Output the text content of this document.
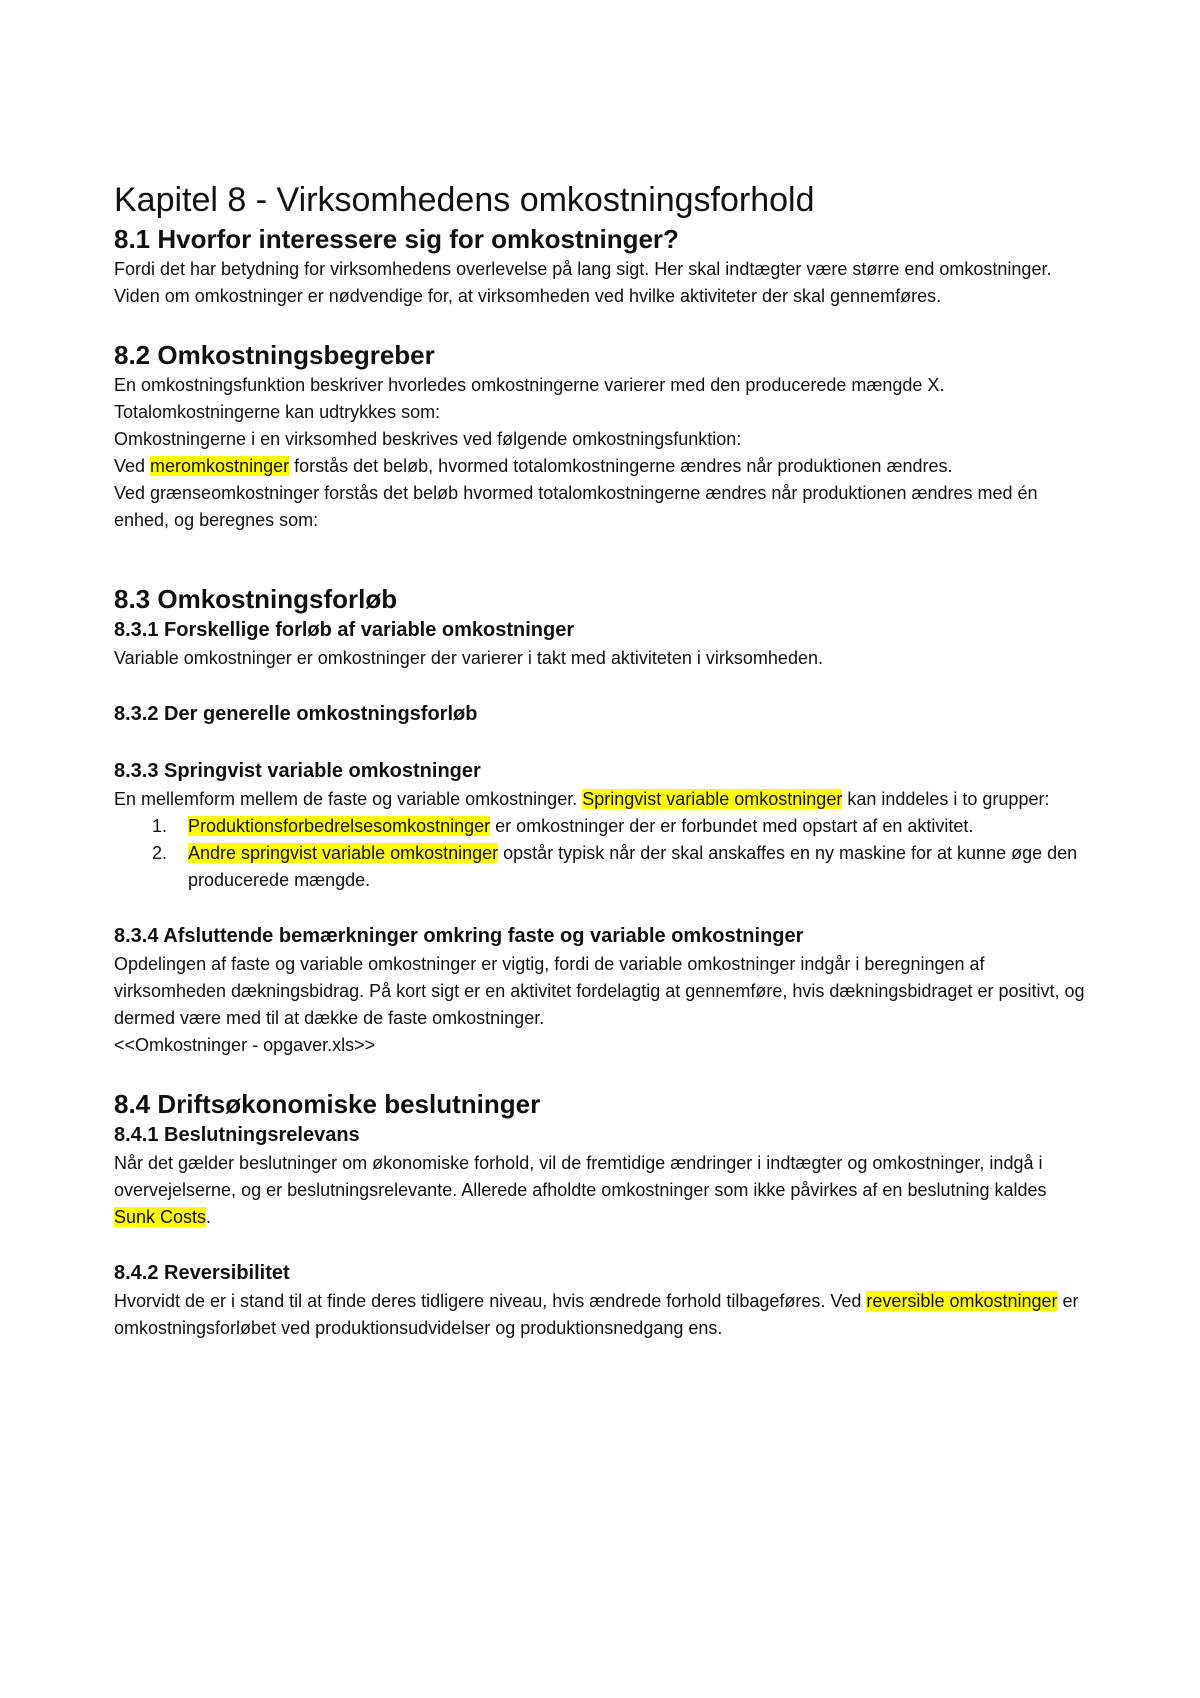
Kapitel 8 - Virksomhedens omkostningsforhold
8.1 Hvorfor interessere sig for omkostninger?

Fordi det har betydning for virksomhedens overlevelse på lang sigt. Her skal indtægter være større end omkostninger. Viden om omkostninger er nødvendige for, at virksomheden ved hvilke aktiviteter der skal gennemføres.

8.2 Omkostningsbegreber

En omkostningsfunktion beskriver hvorledes omkostningerne varierer med den producerede mængde X.

Totalomkostningerne kan udtrykkes som:

Omkostningerne i en virksomhed beskrives ved følgende omkostningsfunktion:

Ved meromkostninger forstås det beløb, hvormed totalomkostningerne ændres når produktionen ændres.

Ved grænseomkostninger forstås det beløb hvormed totalomkostningerne ændres når produktionen ændres med én enhed, og beregnes som:

8.3 Omkostningsforløb
8.3.1 Forskellige forløb af variable omkostninger

Variable omkostninger er omkostninger der varierer i takt med aktiviteten i virksomheden.

8.3.2 Der generelle omkostningsforløb
8.3.3 Springvist variable omkostninger

En mellemform mellem de faste og variable omkostninger. Springvist variable omkostninger kan inddeles i to grupper:

1. Produktionsforbedrelsesomkostninger er omkostninger der er forbundet med opstart af en aktivitet.
2. Andre springvist variable omkostninger opstår typisk når der skal anskaffes en ny maskine for at kunne øge den producerede mængde.
8.3.4 Afsluttende bemærkninger omkring faste og variable omkostninger

Opdelingen af faste og variable omkostninger er vigtig, fordi de variable omkostninger indgår i beregningen af virksomheden dækningsbidrag. På kort sigt er en aktivitet fordelagtig at gennemføre, hvis dækningsbidraget er positivt, og dermed være med til at dække de faste omkostninger.

<<Omkostninger - opgaver.xls>>

8.4 Driftsøkonomiske beslutninger
8.4.1 Beslutningsrelevans

Når det gælder beslutninger om økonomiske forhold, vil de fremtidige ændringer i indtægter og omkostninger, indgå i overvejelserne, og er beslutningsrelevante. Allerede afholdte omkostninger som ikke påvirkes af en beslutning kaldes Sunk Costs.

8.4.2 Reversibilitet

Hvorvidt de er i stand til at finde deres tidligere niveau, hvis ændrede forhold tilbageføres. Ved reversible omkostninger er omkostningsforløbet ved produktionsudvidelser og produktionsnedgang ens.
